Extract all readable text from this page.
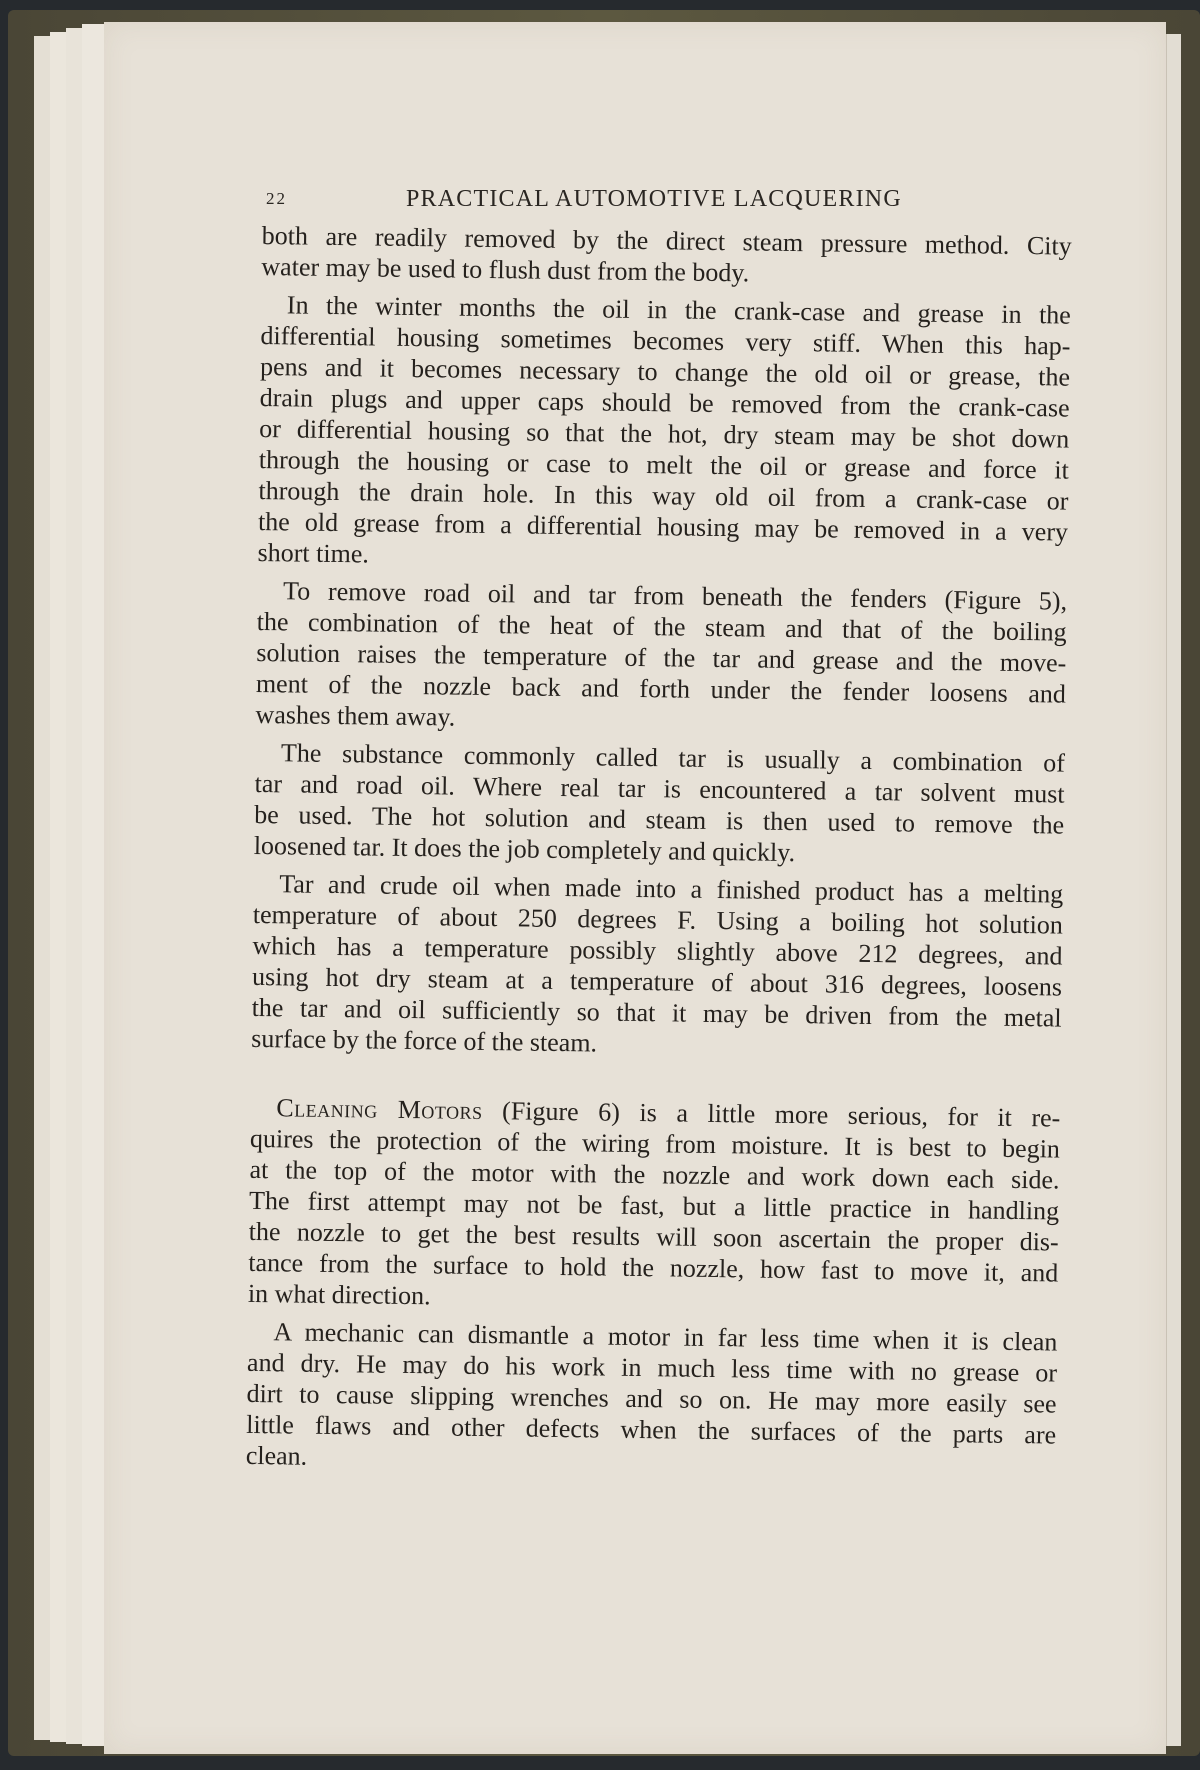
22	PRACTICAL AUTOMOTIVE LACQUERING
both are readily removed by the direct steam pressure method. City
water may be used to flush dust from the body.
In the winter months the oil in the crank-case and grease in the
differential housing sometimes becomes very stiff. When this hap-
pens and it becomes necessary to change the old oil or grease, the
drain plugs and upper caps should be removed from the crank-case
or differential housing so that the hot, dry steam may be shot down
through the housing or case to melt the oil or grease and force it
through the drain hole. In this way old oil from a crank-case or
the old grease from a differential housing may be removed in a very
short time.
To remove road oil and tar from beneath the fenders (Figure 5),
the combination of the heat of the steam and that of the boiling
solution raises the temperature of the tar and grease and the move-
ment of the nozzle back and forth under the fender loosens and
washes them away.
The substance commonly called tar is usually a combination of
tar and road oil. Where real tar is encountered a tar solvent must
be used. The hot solution and steam is then used to remove the
loosened tar. It does the job completely and quickly.
Tar and crude oil when made into a finished product has a melting
temperature of about 250 degrees F. Using a boiling hot solution
which has a temperature possibly slightly above 212 degrees, and
using hot dry steam at a temperature of about 316 degrees, loosens
the tar and oil sufficiently so that it may be driven from the metal
surface by the force of the steam.
Cleaning Motors (Figure 6) is a little more serious, for it re-
quires the protection of the wiring from moisture. It is best to begin
at the top of the motor with the nozzle and work down each side.
The first attempt may not be fast, but a little practice in handling
the nozzle to get the best results will soon ascertain the proper dis-
tance from the surface to hold the nozzle, how fast to move it, and
in what direction.
A mechanic can dismantle a motor in far less time when it is clean
and dry. He may do his work in much less time with no grease or
dirt to cause slipping wrenches and so on. He may more easily see
little flaws and other defects when the surfaces of the parts are
clean.
